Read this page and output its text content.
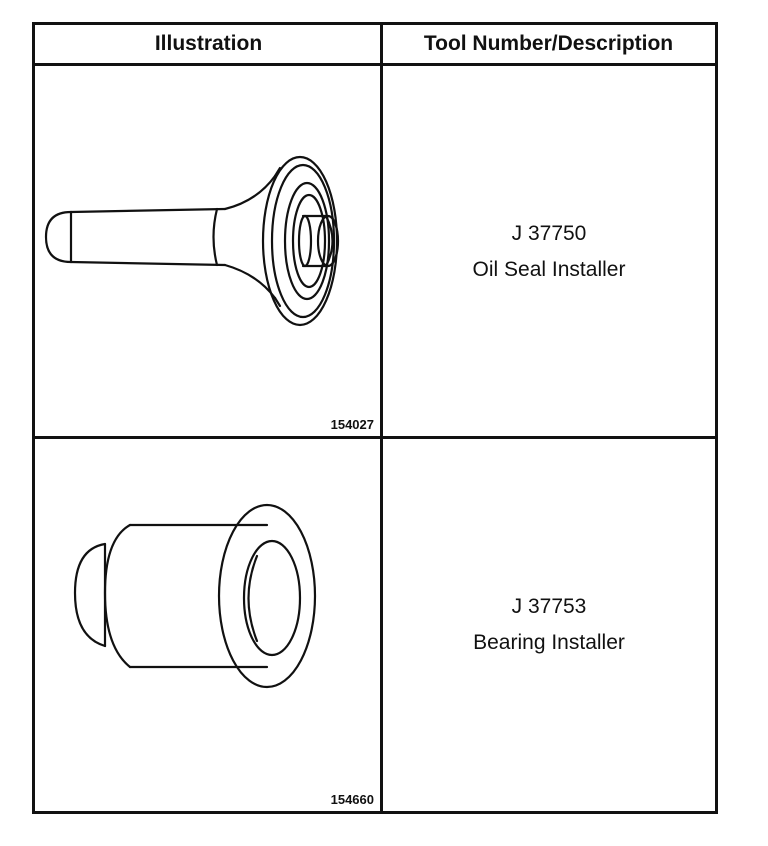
Illustration	Tool Number/Description
154027
J 37750
Oil Seal Installer
154660
J 37753
Bearing Installer
